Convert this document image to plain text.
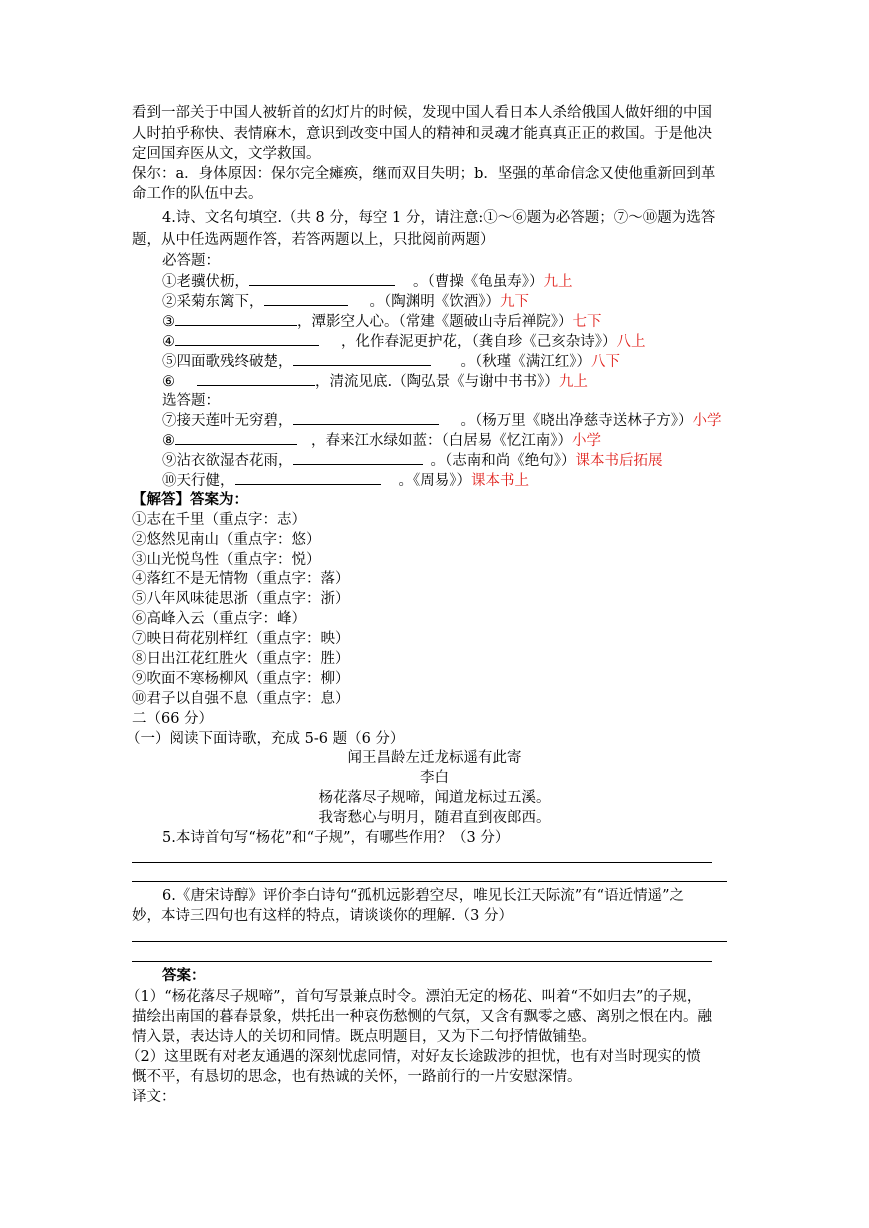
看到一部关于中国人被斩首的幻灯片的时候，发现中国人看日本人杀给俄国人做奸细的中国
人时拍乎称快、表情麻木，意识到改变中国人的精神和灵魂才能真真正正的救国。于是他决
定回国弃医从文，文学救国。
保尔：a．身体原因：保尔完全瘫痪，继而双目失明；b．坚强的革命信念又使他重新回到革
命工作的队伍中去。
4.诗、文名句填空.（共 8 分，每空 1 分，请注意:①～⑥题为必答题；⑦～⑩题为选答
题，从中任选两题作答，若答两题以上，只批阅前两题）
必答题：
①老骥伏枥，	。（曹操《龟虽寿》）九上
②采菊东篱下，	。（陶渊明《饮酒》）九下
③	，潭影空人心。（常建《题破山寺后禅院》）七下
④	，化作春泥更护花，（龚自珍《己亥杂诗》）八上
⑤四面歌残终破楚，	。（秋瑾《满江红》）八下
⑥	，清流见底.（陶弘景《与谢中书书》）九上
选答题：
⑦接天莲叶无穷碧，	。（杨万里《晓出净慈寺送林子方》）小学
⑧	，春来江水绿如蓝：（白居易《忆江南》）小学
⑨沾衣欲湿杏花雨，	。（志南和尚《绝句》）课本书后拓展
⑩天行健，	。《周易》）课本书上
【解答】答案为：
①志在千里（重点字：志）
②悠然见南山（重点字：悠）
③山光悦鸟性（重点字：悦）
④落红不是无情物（重点字：落）
⑤八年风味徒思浙（重点字：浙）
⑥高峰入云（重点字：峰）
⑦映日荷花别样红（重点字：映）
⑧日出江花红胜火（重点字：胜）
⑨吹面不寒杨柳风（重点字：柳）
⑩君子以自强不息（重点字：息）
二（66 分）
（一）阅读下面诗歌，充成 5-6 题（6 分）
闻王昌龄左迁龙标遥有此寄
李白
杨花落尽子规啼，闻道龙标过五溪。
我寄愁心与明月，随君直到夜郎西。
5.本诗首句写“杨花”和“子规”，有哪些作用？（3 分）
6.《唐宋诗醇》评价李白诗句“孤机远影碧空尽，唯见长江天际流”有“语近情遥”之
妙，本诗三四句也有这样的特点，请谈谈你的理解.（3 分）
答案：
（1）“杨花落尽子规啼”，首句写景兼点时令。漂泊无定的杨花、叫着“不如归去”的子规，
描绘出南国的暮春景象，烘托出一种哀伤愁恻的气氛，又含有飘零之感、离别之恨在内。融
情入景，表达诗人的关切和同情。既点明题目，又为下二句抒情做铺垫。
（2）这里既有对老友通遇的深刻忧虑同情，对好友长途跋涉的担忧，也有对当时现实的愤
慨不平，有恳切的思念，也有热诚的关怀，一路前行的一片安慰深情。
译文：
